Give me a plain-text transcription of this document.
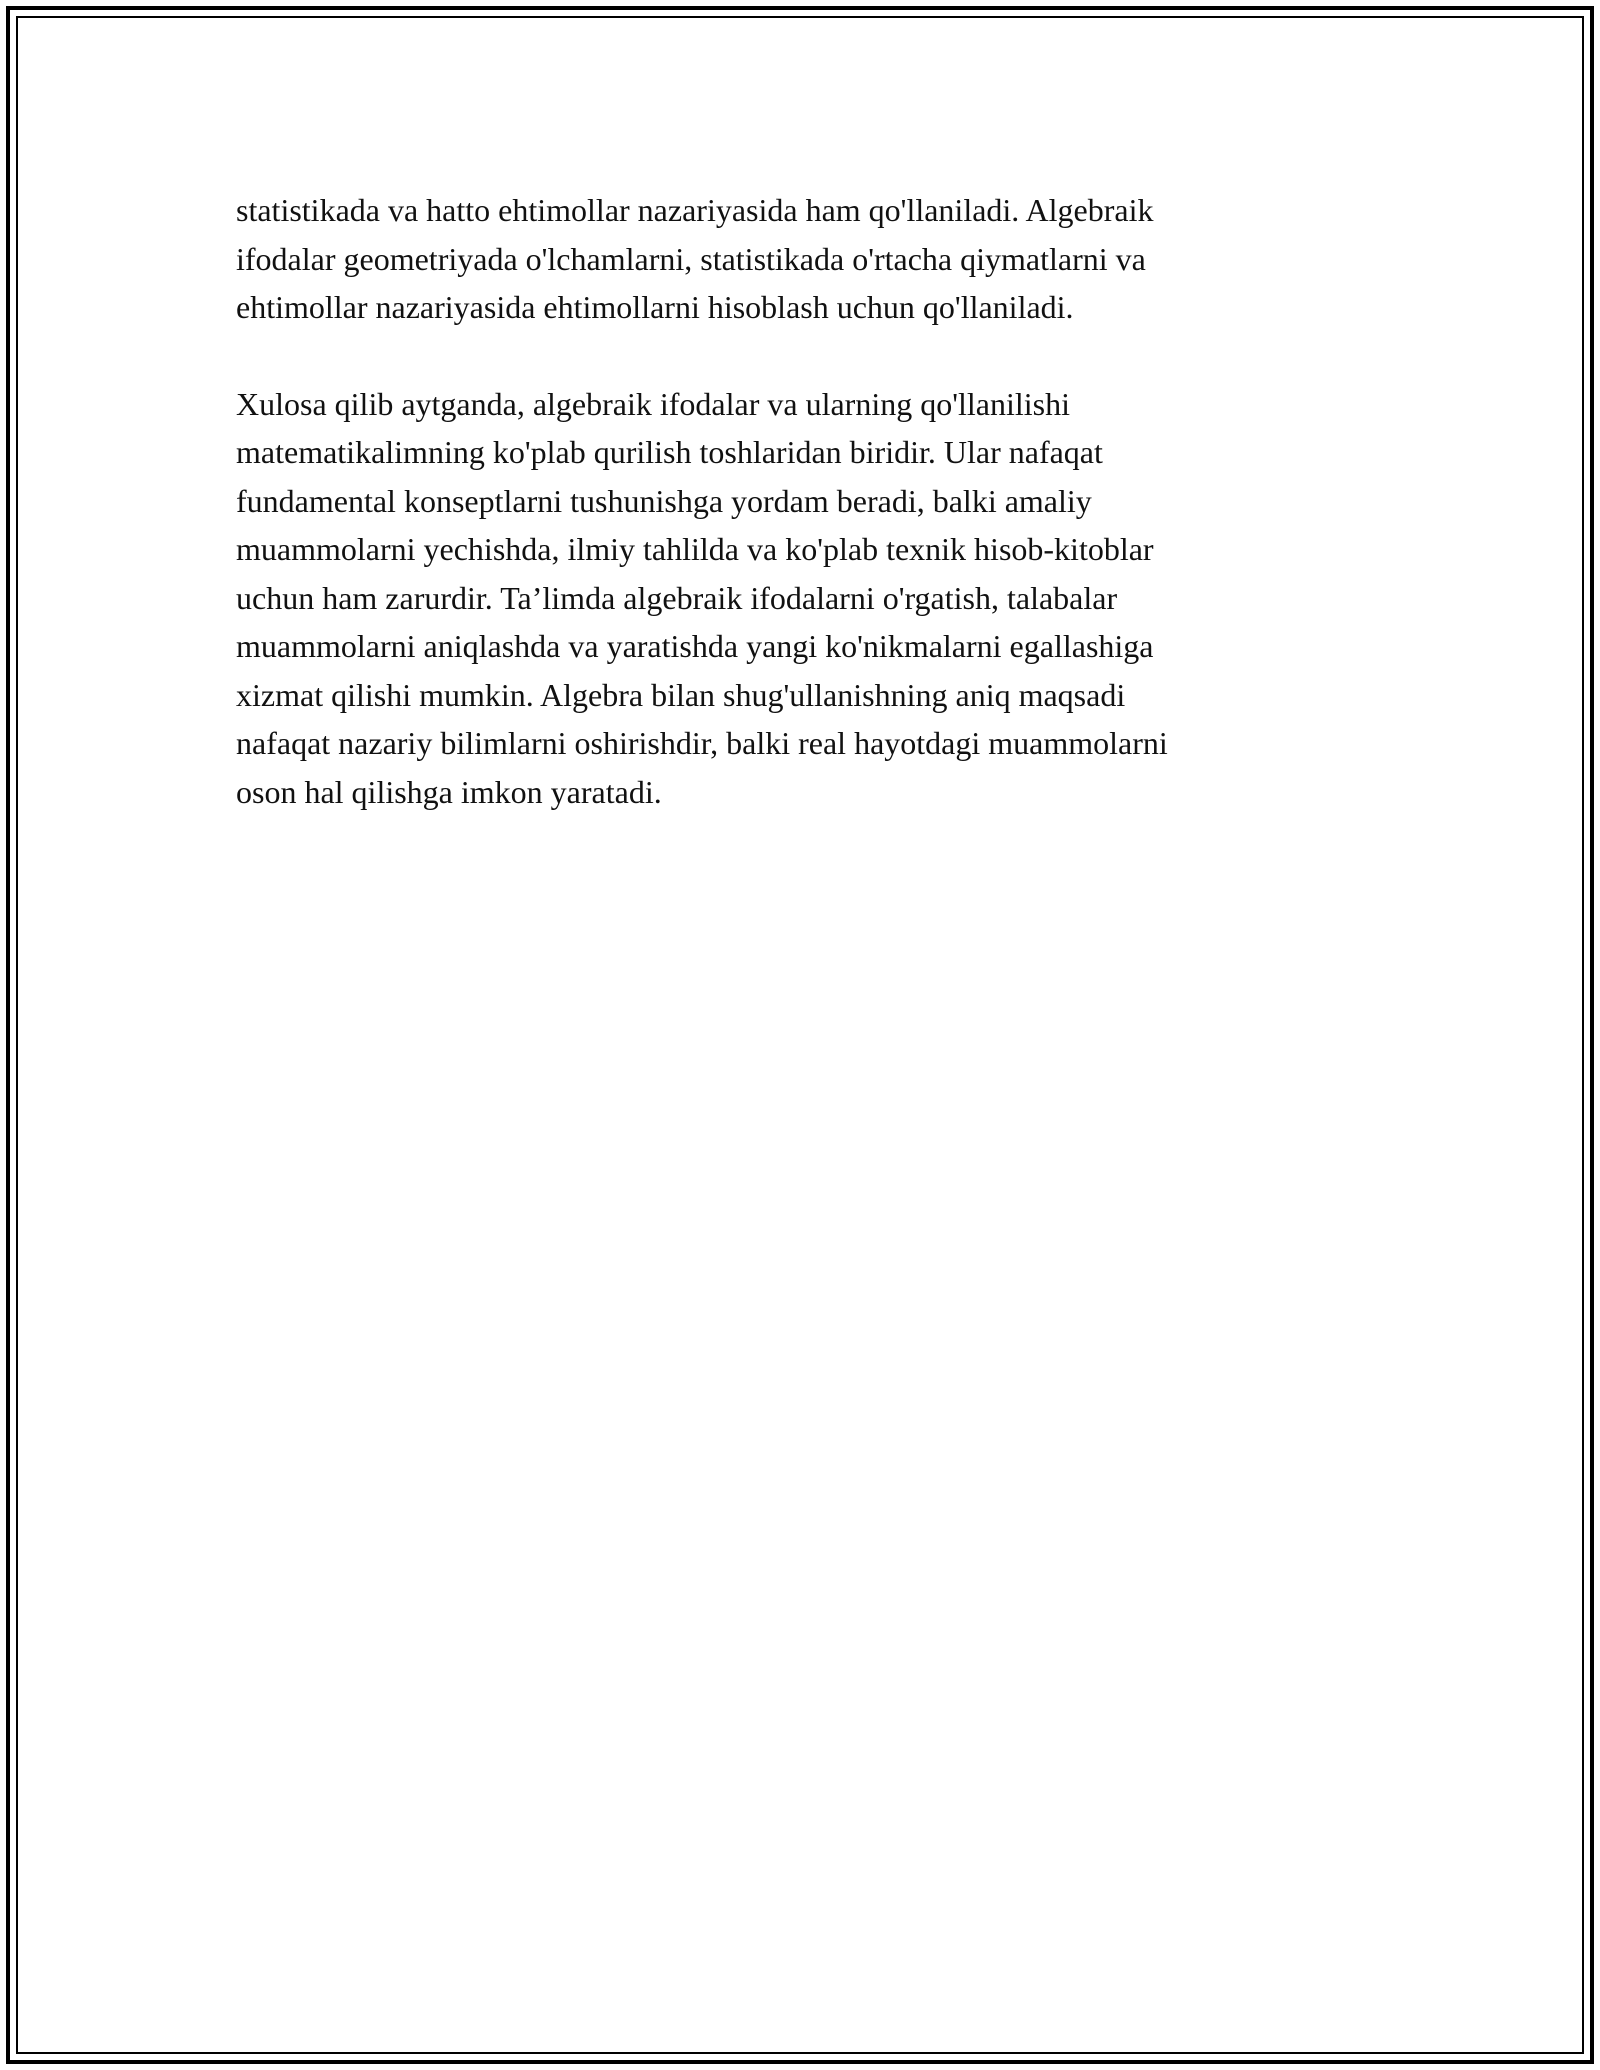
statistikada va hatto ehtimollar nazariyasida ham qo'llaniladi. Algebraik
ifodalar geometriyada o'lchamlarni, statistikada o'rtacha qiymatlarni va
ehtimollar nazariyasida ehtimollarni hisoblash uchun qo'llaniladi.

Xulosa qilib aytganda, algebraik ifodalar va ularning qo'llanilishi
matematikalimning ko'plab qurilish toshlaridan biridir. Ular nafaqat
fundamental konseptlarni tushunishga yordam beradi, balki amaliy
muammolarni yechishda, ilmiy tahlilda va ko'plab texnik hisob-kitoblar
uchun ham zarurdir. Ta’limda algebraik ifodalarni o'rgatish, talabalar
muammolarni aniqlashda va yaratishda yangi ko'nikmalarni egallashiga
xizmat qilishi mumkin. Algebra bilan shug'ullanishning aniq maqsadi
nafaqat nazariy bilimlarni oshirishdir, balki real hayotdagi muammolarni
oson hal qilishga imkon yaratadi.
